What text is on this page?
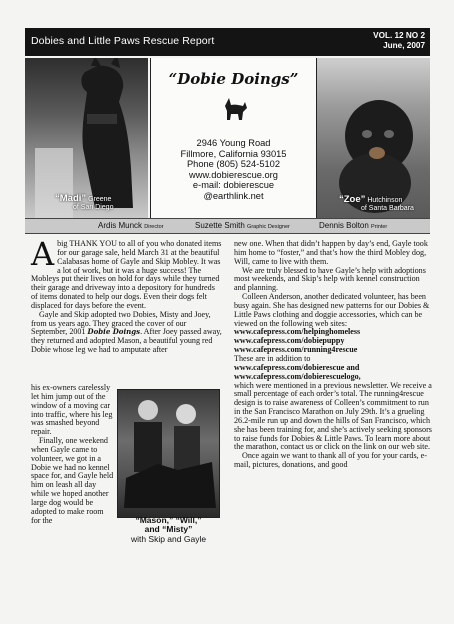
Dobies and Little Paws Rescue Report	VOL. 12 NO 2
June, 2007
“Madi” Greene
of San Diego
“Dobie Doings”
2946 Young Road
Fillmore, California 93015
Phone (805) 524-5102
www.dobierescue.org
e-mail: dobierescue
@earthlink.net	“Zoe” Hutchinson
of Santa Barbara
Ardis Munck Director	Suzette Smith Graphic Designer	Dennis Bolton Printer

Abig THANK YOU to all of you who donated items for our garage sale, held March 31 at the beautiful Calabasas home of Gayle and Skip Mobley. It was a lot of work, but it was a huge success! The Mobleys put their lives on hold for days while they turned their garage and driveway into a depository for hundreds of items donated to help our dogs. Even their dogs felt displaced for days before the event.

Gayle and Skip adopted two Dobies, Misty and Joey, from us years ago. They graced the cover of our September, 2001 Dobie Doings. After Joey passed away, they returned and adopted Mason, a beautiful young red Dobie whose leg we had to amputate after

his ex-owners carelessly let him jump out of the window of a moving car into traffic, where his leg was smashed beyond repair.

Finally, one weekend when Gayle came to volunteer, we got in a Dobie we had no kennel space for, and Gayle held him on leash all day while we hoped another large dog would be adopted to make room for the	“Mason,” “Will,”
and “Misty”
with Skip and Gayle

new one. When that didn’t happen by day’s end, Gayle took him home to “foster,” and that’s how the third Mobley dog, Will, came to live with them.

We are truly blessed to have Gayle’s help with adoptions most weekends, and Skip’s help with kennel construction and planning.

Colleen Anderson, another dedicated volunteer, has been busy again. She has designed new patterns for our Dobies & Little Paws clothing and doggie accessories, which can be viewed on the following web sites:

www.cafepress.com/helpinghomeless
www.cafepress.com/dobiepuppy
www.cafepress.com/running4rescue

These are in addition to

www.cafepress.com/dobierescue and
www.cafepress.com/dobierescuelogo,

which were mentioned in a previous newsletter. We receive a small percentage of each order’s total. The running4rescue design is to raise awareness of Colleen’s commitment to run in the San Francisco Marathon on July 29th. It’s a grueling 26.2-mile run up and down the hills of San Francisco, which she has been training for, and she’s actively seeking sponsors to raise funds for Dobies & Little Paws. To learn more about the marathon, contact us or click on the link on our web site.

Once again we want to thank all of you for your cards, e-mail, pictures, donations, and good
